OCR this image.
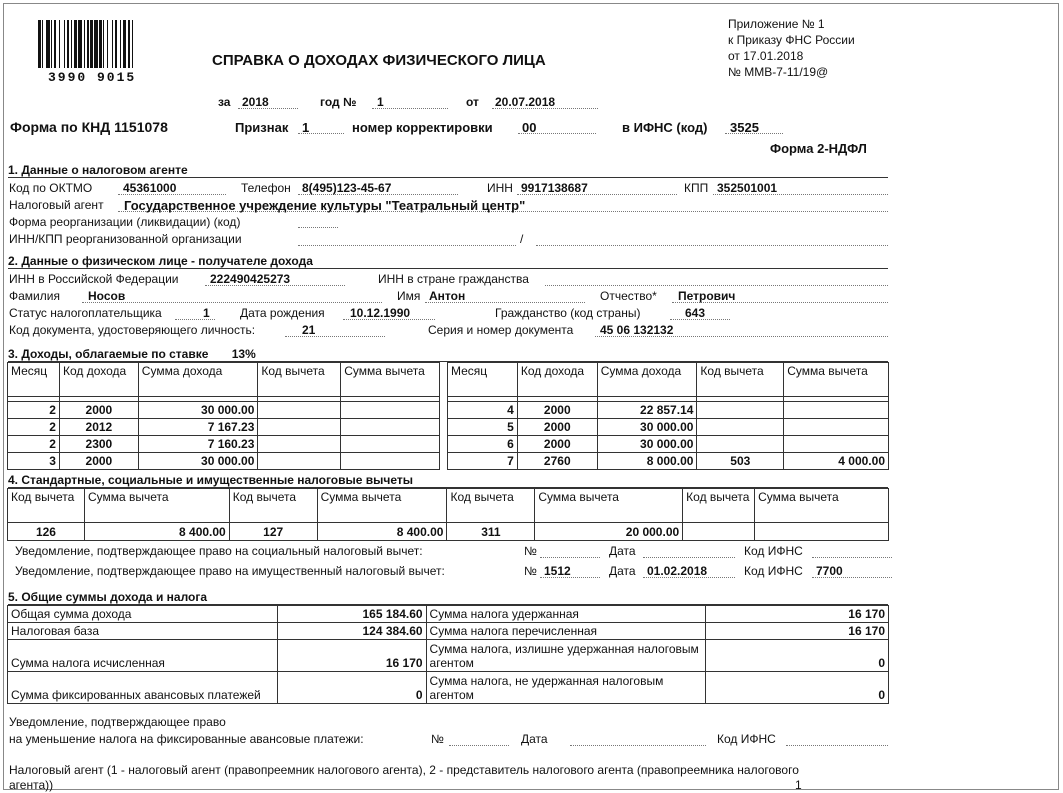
3990 9015
Приложение № 1
к Приказу ФНС России
от 17.01.2018
№ ММВ-7-11/19@
СПРАВКА О ДОХОДАХ ФИЗИЧЕСКОГО ЛИЦА
за 2018	год № 1	от 20.07.2018
Форма по КНД 1151078	Признак 1	номер корректировки 00	в ИФНС (код) 3525
Форма 2-НДФЛ
1. Данные о налоговом агенте
Код по ОКТМО	45361000	Телефон 8(495)123-45-67	ИНН 9917138687	КПП 352501001
Налоговый агент Государственное учреждение культуры "Театральный центр"
Форма реорганизации (ликвидации) (код)
ИНН/КПП реорганизованной организации	/
2. Данные о физическом лице - получателе дохода
ИНН в Российской Федерации	222490425273	ИНН в стране гражданства
Фамилия Носов	Имя Антон	Отчество* Петрович
Статус налогоплательщика	1	Дата рождения 10.12.1990	Гражданство (код страны)	643
Код документа, удостоверяющего личность:	21	Серия и номер документа 45 06 132132
3. Доходы, облагаемые по ставке 13%
Месяц	Код дохода	Сумма дохода	Код вычета	Сумма вычета

2	2000	30 000.00		
2	2012	7 167.23		
2	2300	7 160.23		
3	2000	30 000.00		
Месяц	Код дохода	Сумма дохода	Код вычета	Сумма вычета

4	2000	22 857.14		
5	2000	30 000.00		
6	2000	30 000.00		
7	2760	8 000.00	503	4 000.00
4. Стандартные, социальные и имущественные налоговые вычеты
Код вычета	Сумма вычета	Код вычета	Сумма вычета	Код вычета	Сумма вычета	Код вычета	Сумма вычета
126	8 400.00	127	8 400.00	311	20 000.00		
Уведомление, подтверждающее право на социальный налоговый вычет:	№	Дата	Код ИФНС
Уведомление, подтверждающее право на имущественный налоговый вычет:	№ 1512	Дата 01.02.2018	Код ИФНС 7700
5. Общие суммы дохода и налога
Общая сумма дохода	165 184.60	Сумма налога удержанная	16 170
Налоговая база	124 384.60	Сумма налога перечисленная	16 170
Сумма налога исчисленная	16 170	Сумма налога, излишне удержанная налоговым агентом	0
Сумма фиксированных авансовых платежей	0	Сумма налога, не удержанная налоговым агентом	0
Уведомление, подтверждающее право
на уменьшение налога на фиксированные авансовые платежи:	№	Дата	Код ИФНС
Налоговый агент (1 - налоговый агент (правопреемник налогового агента), 2 - представитель налогового агента (правопреемника налогового агента))	1
